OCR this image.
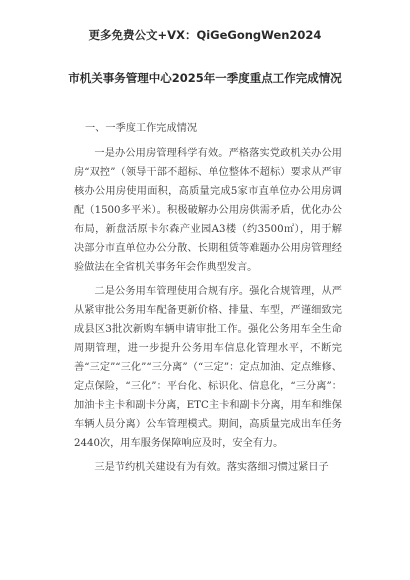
更多免费公文+VX：QiGeGongWen2024
市机关事务管理中心2025年一季度重点工作完成情况

一、一季度工作完成情况

一是办公用房管理科学有效。严格落实党政机关办公用房“双控”（领导干部不超标、单位整体不超标）要求从严审核办公用房使用面积，高质量完成5家市直单位办公用房调配（1500多平米）。积极破解办公用房供需矛盾，优化办公布局，新盘活原卡尔森产业园A3楼（约3500㎡），用于解决部分市直单位办公分散、长期租赁等难题办公用房管理经验做法在全省机关事务年会作典型发言。

二是公务用车管理使用合规有序。强化合规管理，从严从紧审批公务用车配备更新价格、排量、车型，严谨细致完成县区3批次新购车辆申请审批工作。强化公务用车全生命周期管理，进一步提升公务用车信息化管理水平，不断完善“三定”“三化”“三分离”（“三定”：定点加油、定点维修、定点保险，“三化”：平台化、标识化、信息化，“三分离”：加油卡主卡和副卡分离，ETC主卡和副卡分离，用车和维保车辆人员分离）公车管理模式。期间，高质量完成出车任务2440次，用车服务保障响应及时，安全有力。

三是节约机关建设有为有效。落实落细习惯过紧日子
